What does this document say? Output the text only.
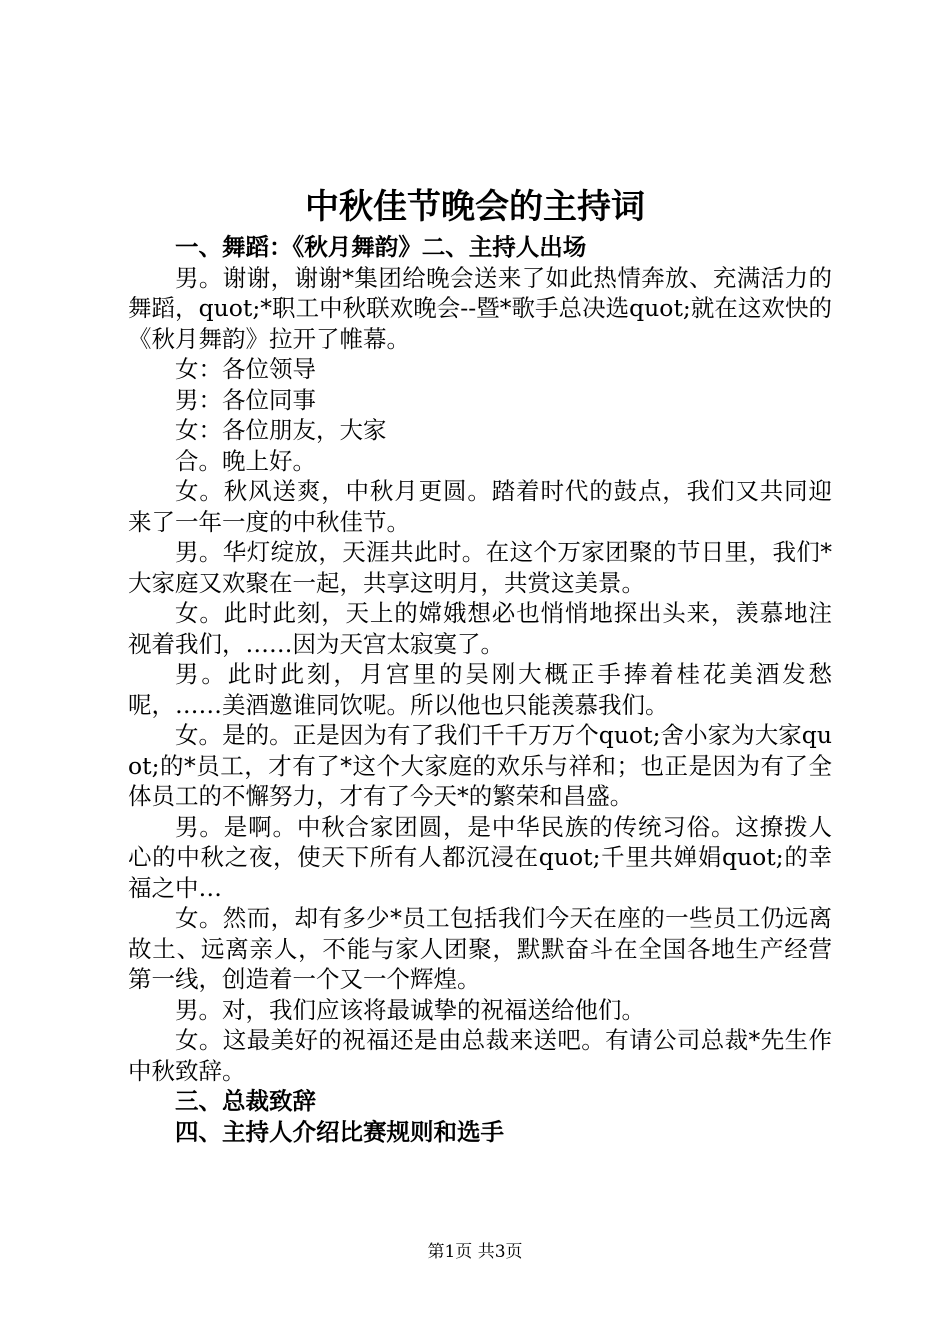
中秋佳节晚会的主持词

一、舞蹈：《秋月舞韵》二、主持人出场

男。谢谢，谢谢*集团给晚会送来了如此热情奔放、充满活力的舞蹈，quot;*职工中秋联欢晚会--暨*歌手总决选quot;就在这欢快的《秋月舞韵》拉开了帷幕。

女：各位领导

男：各位同事

女：各位朋友，大家

合。晚上好。

女。秋风送爽，中秋月更圆。踏着时代的鼓点，我们又共同迎来了一年一度的中秋佳节。

男。华灯绽放，天涯共此时。在这个万家团聚的节日里，我们*大家庭又欢聚在一起，共享这明月，共赏这美景。

女。此时此刻，天上的嫦娥想必也悄悄地探出头来，羡慕地注视着我们，……因为天宫太寂寞了。

男。此时此刻，月宫里的吴刚大概正手捧着桂花美酒发愁呢，……美酒邀谁同饮呢。所以他也只能羡慕我们。

女。是的。正是因为有了我们千千万万个quot;舍小家为大家quot;的*员工，才有了*这个大家庭的欢乐与祥和；也正是因为有了全体员工的不懈努力，才有了今天*的繁荣和昌盛。

男。是啊。中秋合家团圆，是中华民族的传统习俗。这撩拨人心的中秋之夜，使天下所有人都沉浸在quot;千里共婵娟quot;的幸福之中…

女。然而，却有多少*员工包括我们今天在座的一些员工仍远离故土、远离亲人，不能与家人团聚，默默奋斗在全国各地生产经营第一线，创造着一个又一个辉煌。

男。对，我们应该将最诚挚的祝福送给他们。

女。这最美好的祝福还是由总裁来送吧。有请公司总裁*先生作中秋致辞。

三、总裁致辞

四、主持人介绍比赛规则和选手

第1页 共3页
